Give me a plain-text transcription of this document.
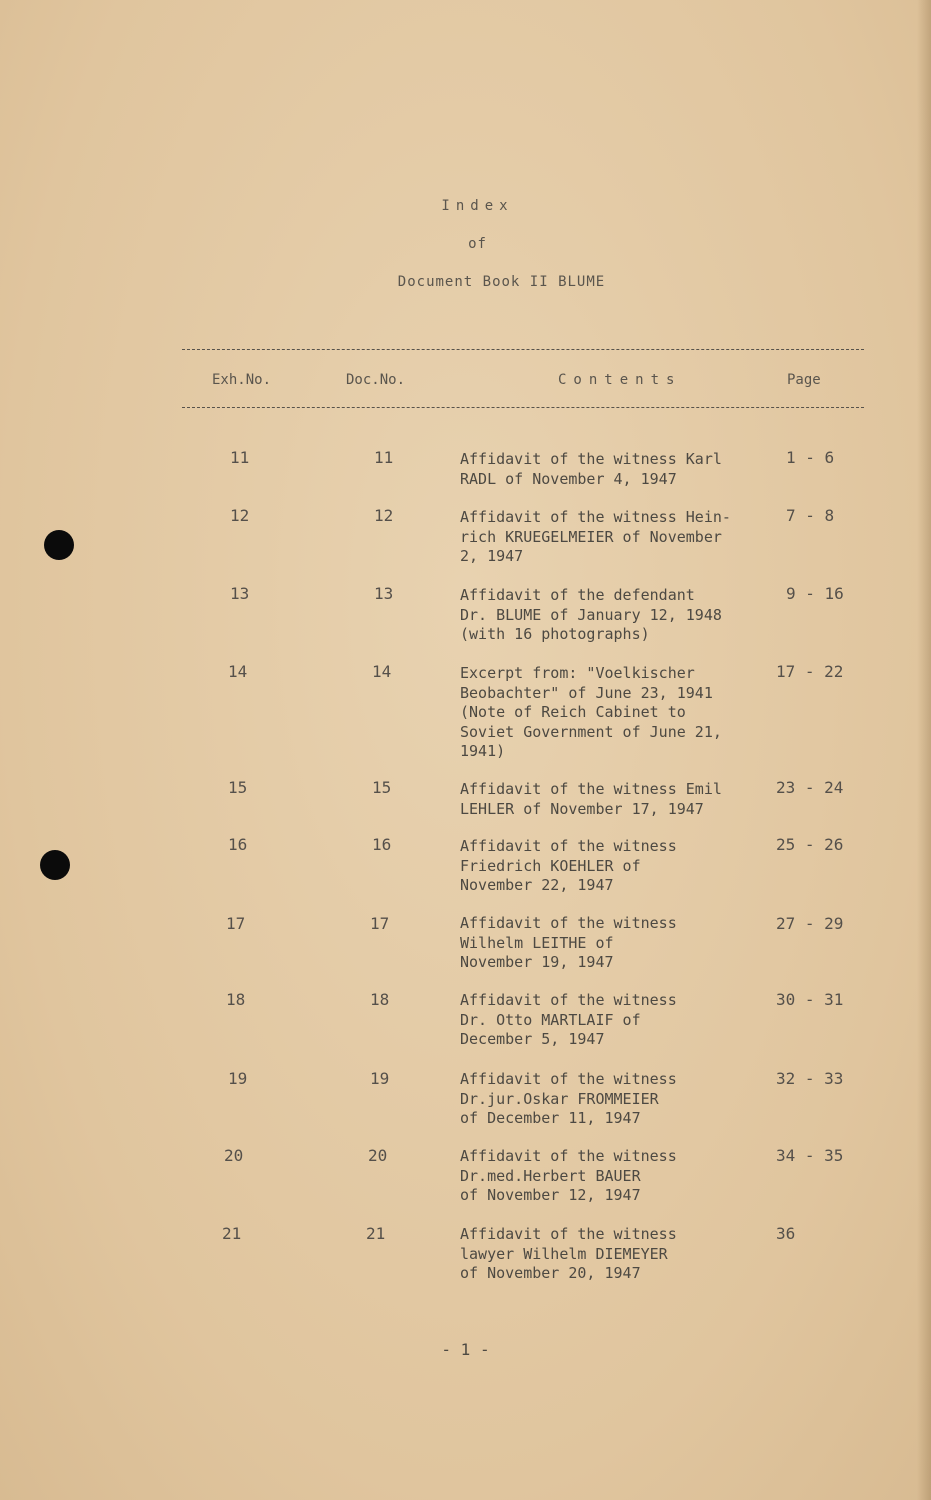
Index
of
Document Book II BLUME
Exh.No.	Doc.No.	Contents	Page
11	11	Affidavit of the witness Karl
RADL of November 4, 1947
1 - 6
12	12	Affidavit of the witness Hein-
rich KRUEGELMEIER of November
2, 1947
7 - 8
13	13	Affidavit of the defendant
Dr. BLUME of January 12, 1948
(with 16 photographs)
9 - 16
14	14	Excerpt from: "Voelkischer
Beobachter" of June 23, 1941
(Note of Reich Cabinet to
Soviet Government of June 21,
1941)
17 - 22
15	15	Affidavit of the witness Emil
LEHLER of November 17, 1947
23 - 24
16	16	Affidavit of the witness
Friedrich KOEHLER of
November 22, 1947
25 - 26
17	17	Affidavit of the witness
Wilhelm LEITHE of
November 19, 1947
27 - 29
18	18	Affidavit of the witness
Dr. Otto MARTLAIF of
December 5, 1947
30 - 31
19	19	Affidavit of the witness
Dr.jur.Oskar FROMMEIER
of December 11, 1947
32 - 33
20	20	Affidavit of the witness
Dr.med.Herbert BAUER
of November 12, 1947
34 - 35
21	21	Affidavit of the witness
lawyer Wilhelm DIEMEYER
of November 20, 1947
36
- 1 -
